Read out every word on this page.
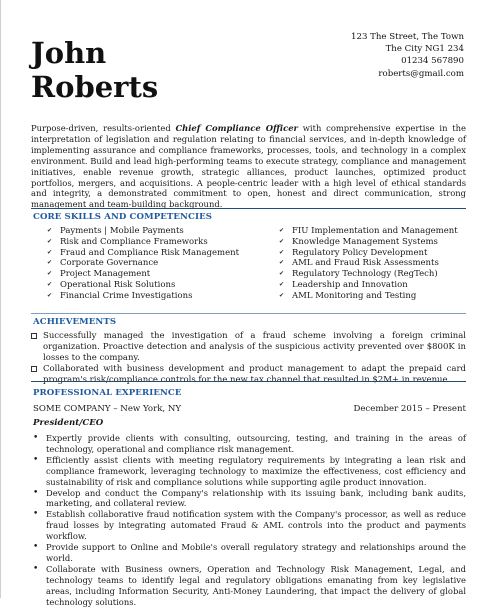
John
Roberts
123 The Street, The Town
The City NG1 234
01234 567890
roberts@gmail.com
Purpose-driven, results-oriented Chief Compliance Officer with comprehensive expertise in the interpretation of legislation and regulation relating to financial services, and in-depth knowledge of implementing assurance and compliance frameworks, processes, tools, and technology in a complex environment. Build and lead high-performing teams to execute strategy, compliance and management initiatives, enable revenue growth, strategic alliances, product launches, optimized product portfolios, mergers, and acquisitions. A people-centric leader with a high level of ethical standards and integrity, a demonstrated commitment to open, honest and direct communication, strong management and team-building background.
CORE SKILLS AND COMPETENCIES
✔ Payments | Mobile Payments
✔ Risk and Compliance Frameworks
✔ Fraud and Compliance Risk Management
✔ Corporate Governance
✔ Project Management
✔ Operational Risk Solutions
✔ Financial Crime Investigations
✔ FIU Implementation and Management
✔ Knowledge Management Systems
✔ Regulatory Policy Development
✔ AML and Fraud Risk Assessments
✔ Regulatory Technology (RegTech)
✔ Leadership and Innovation
✔ AML Monitoring and Testing
ACHIEVEMENTS
Successfully managed the investigation of a fraud scheme involving a foreign criminal organization. Proactive detection and analysis of the suspicious activity prevented over $800K in losses to the company.
Collaborated with business development and product management to adapt the prepaid card program's risk/compliance controls for the new tax channel that resulted in $2M+ in revenue.
PROFESSIONAL EXPERIENCE
SOME COMPANY – New York, NY	December 2015 – Present
President/CEO
• Expertly provide clients with consulting, outsourcing, testing, and training in the areas of technology, operational and compliance risk management.
• Efficiently assist clients with meeting regulatory requirements by integrating a lean risk and compliance framework, leveraging technology to maximize the effectiveness, cost efficiency and sustainability of risk and compliance solutions while supporting agile product innovation.
• Develop and conduct the Company's relationship with its issuing bank, including bank audits, marketing, and collateral review.
• Establish collaborative fraud notification system with the Company's processor, as well as reduce fraud losses by integrating automated Fraud & AML controls into the product and payments workflow.
• Provide support to Online and Mobile's overall regulatory strategy and relationships around the world.
• Collaborate with Business owners, Operation and Technology Risk Management, Legal, and technology teams to identify legal and regulatory obligations emanating from key legislative areas, including Information Security, Anti-Money Laundering, that impact the delivery of global technology solutions.
